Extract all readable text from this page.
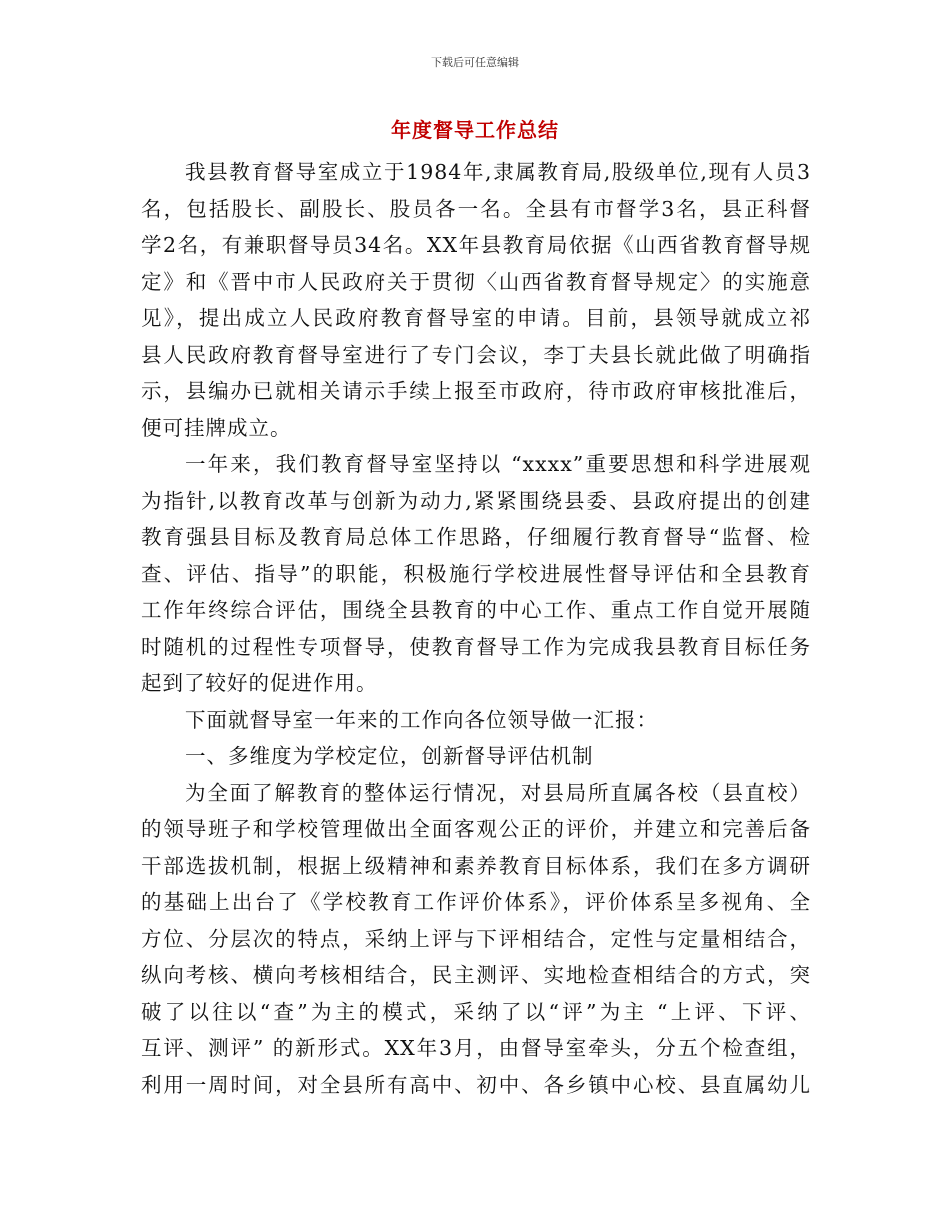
下载后可任意编辑
年度督导工作总结
我县教育督导室成立于1984年,隶属教育局,股级单位,现有人员3
名，包括股长、副股长、股员各一名。全县有市督学3名，县正科督
学2名，有兼职督导员34名。XX年县教育局依据《山西省教育督导规
定》和《晋中市人民政府关于贯彻〈山西省教育督导规定〉的实施意
见》，提出成立人民政府教育督导室的申请。目前，县领导就成立祁
县人民政府教育督导室进行了专门会议，李丁夫县长就此做了明确指
示，县编办已就相关请示手续上报至市政府，待市政府审核批准后，
便可挂牌成立。
一年来，我们教育督导室坚持以 “xxxx”重要思想和科学进展观
为指针,以教育改革与创新为动力,紧紧围绕县委、县政府提出的创建
教育强县目标及教育局总体工作思路，仔细履行教育督导“监督、检
查、评估、指导”的职能，积极施行学校进展性督导评估和全县教育
工作年终综合评估，围绕全县教育的中心工作、重点工作自觉开展随
时随机的过程性专项督导，使教育督导工作为完成我县教育目标任务
起到了较好的促进作用。
下面就督导室一年来的工作向各位领导做一汇报：
一、多维度为学校定位，创新督导评估机制
为全面了解教育的整体运行情况，对县局所直属各校（县直校）
的领导班子和学校管理做出全面客观公正的评价，并建立和完善后备
干部选拔机制，根据上级精神和素养教育目标体系，我们在多方调研
的基础上出台了《学校教育工作评价体系》，评价体系呈多视角、全
方位、分层次的特点，采纳上评与下评相结合，定性与定量相结合，
纵向考核、横向考核相结合，民主测评、实地检查相结合的方式，突
破了以往以“查”为主的模式，采纳了以“评”为主 “上评、下评、
互评、测评” 的新形式。XX年3月，由督导室牵头，分五个检查组，
利用一周时间，对全县所有高中、初中、各乡镇中心校、县直属幼儿
